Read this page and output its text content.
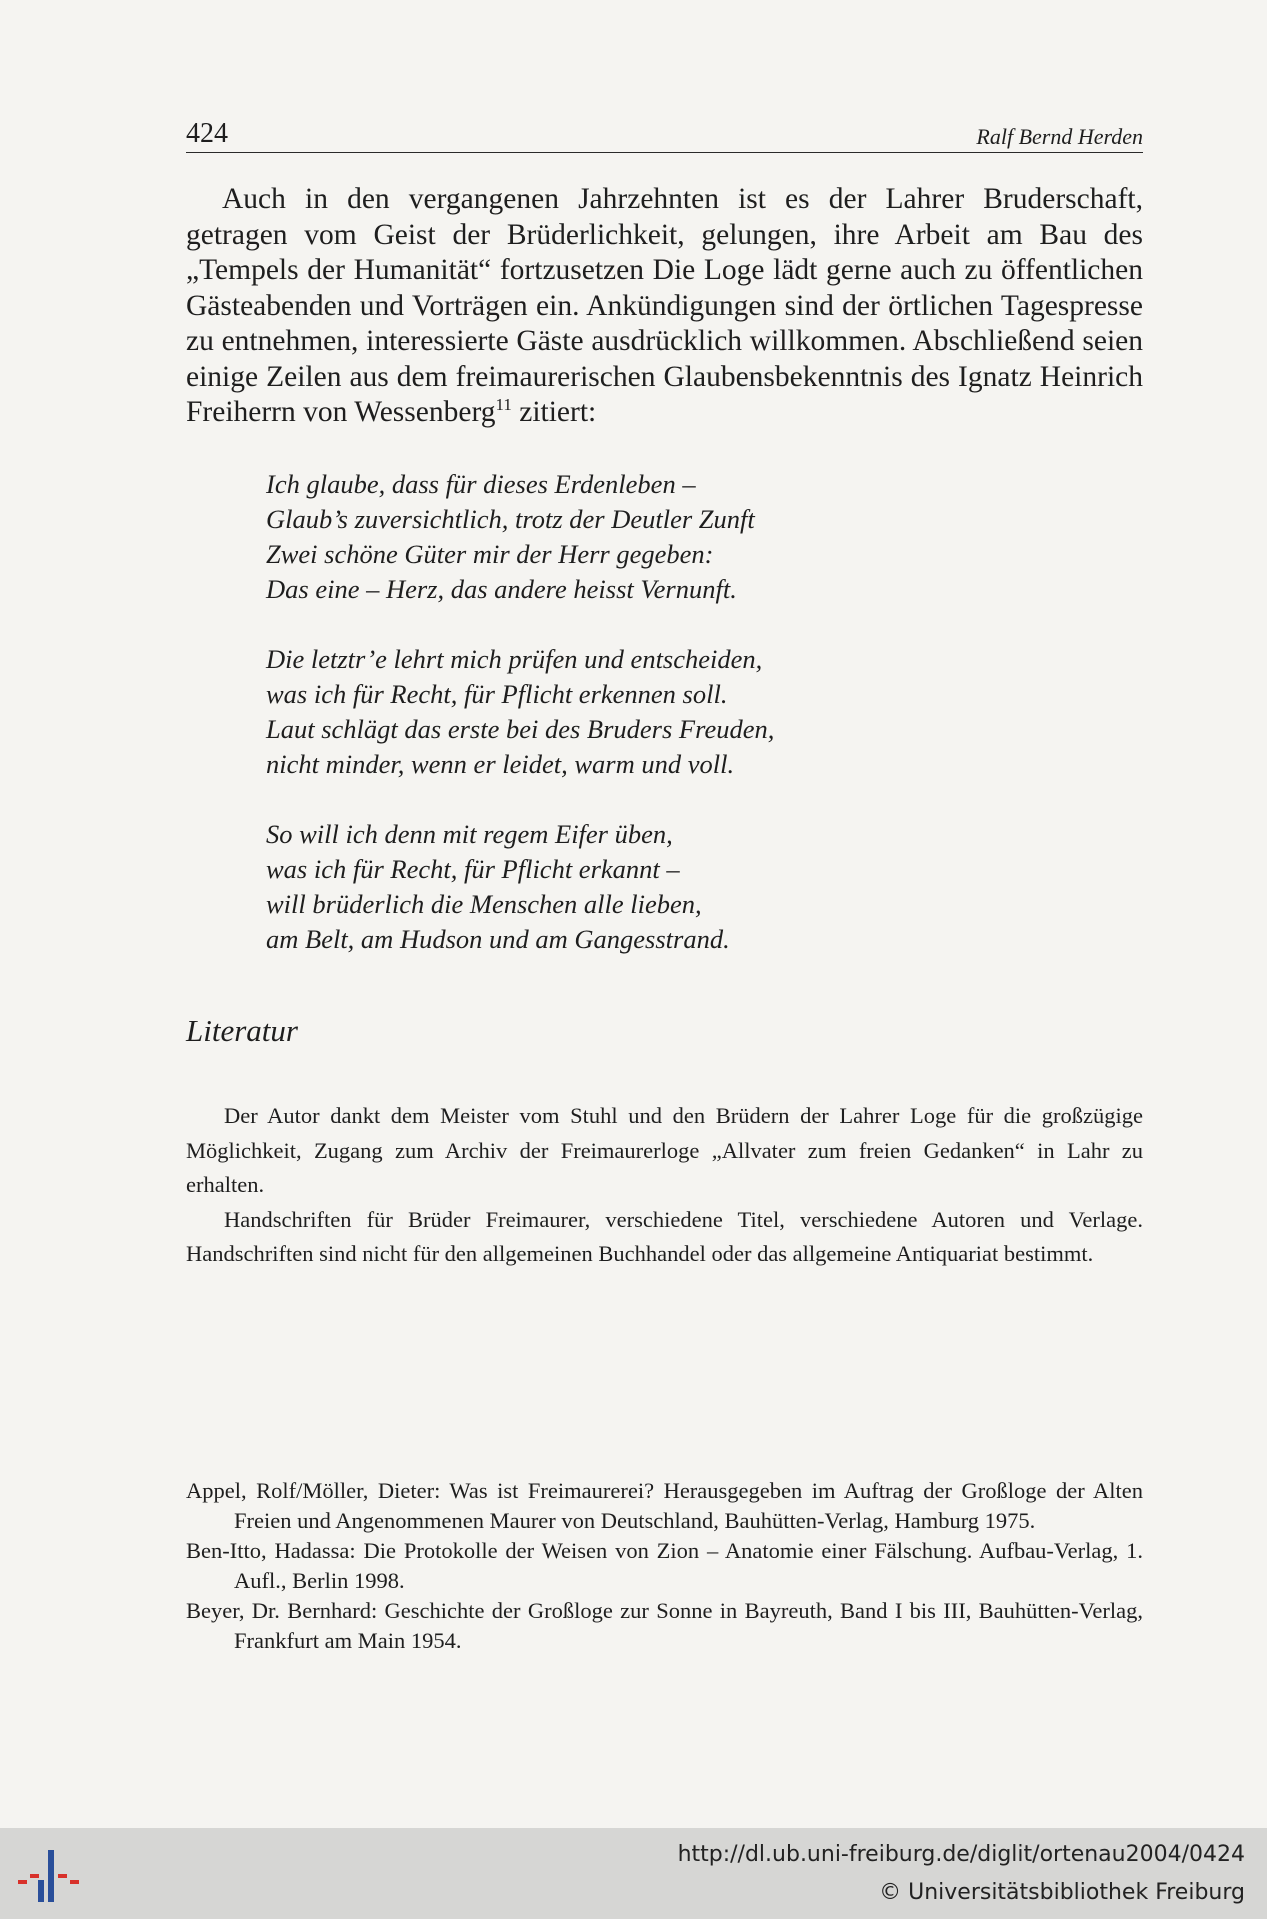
424	Ralf Bernd Herden

Auch in den vergangenen Jahrzehnten ist es der Lahrer Bruderschaft, getragen vom Geist der Brüderlichkeit, gelungen, ihre Arbeit am Bau des „Tempels der Humanität“ fortzusetzen Die Loge lädt gerne auch zu öffentlichen Gästeabenden und Vorträgen ein. Ankündigungen sind der örtlichen Tagespresse zu entnehmen, interessierte Gäste ausdrücklich willkommen. Abschließend seien einige Zeilen aus dem freimaurerischen Glaubensbekenntnis des Ignatz Heinrich Freiherrn von Wessenberg$^{11}$ zitiert:

Ich glaube, dass für dieses Erdenleben –
Glaub’s zuversichtlich, trotz der Deutler Zunft
Zwei schöne Güter mir der Herr gegeben:
Das eine – Herz, das andere heisst Vernunft.
Die letztr’e lehrt mich prüfen und entscheiden,
was ich für Recht, für Pflicht erkennen soll.
Laut schlägt das erste bei des Bruders Freuden,
nicht minder, wenn er leidet, warm und voll.
So will ich denn mit regem Eifer üben,
was ich für Recht, für Pflicht erkannt –
will brüderlich die Menschen alle lieben,
am Belt, am Hudson und am Gangesstrand.
Literatur

Der Autor dankt dem Meister vom Stuhl und den Brüdern der Lahrer Loge für die großzügige Möglichkeit, Zugang zum Archiv der Freimaurerloge „Allvater zum freien Gedanken“ in Lahr zu erhalten.

Handschriften für Brüder Freimaurer, verschiedene Titel, verschiedene Autoren und Verlage. Handschriften sind nicht für den allgemeinen Buchhandel oder das allgemeine Antiquariat bestimmt.

Appel, Rolf/Möller, Dieter: Was ist Freimaurerei? Herausgegeben im Auftrag der Großloge der Alten Freien und Angenommenen Maurer von Deutschland, Bauhütten-Verlag, Hamburg 1975.

Ben-Itto, Hadassa: Die Protokolle der Weisen von Zion – Anatomie einer Fälschung. Aufbau-Verlag, 1. Aufl., Berlin 1998.

Beyer, Dr. Bernhard: Geschichte der Großloge zur Sonne in Bayreuth, Band I bis III, Bauhütten-Verlag, Frankfurt am Main 1954.

http://dl.ub.uni-freiburg.de/diglit/ortenau2004/0424
© Universitätsbibliothek Freiburg
